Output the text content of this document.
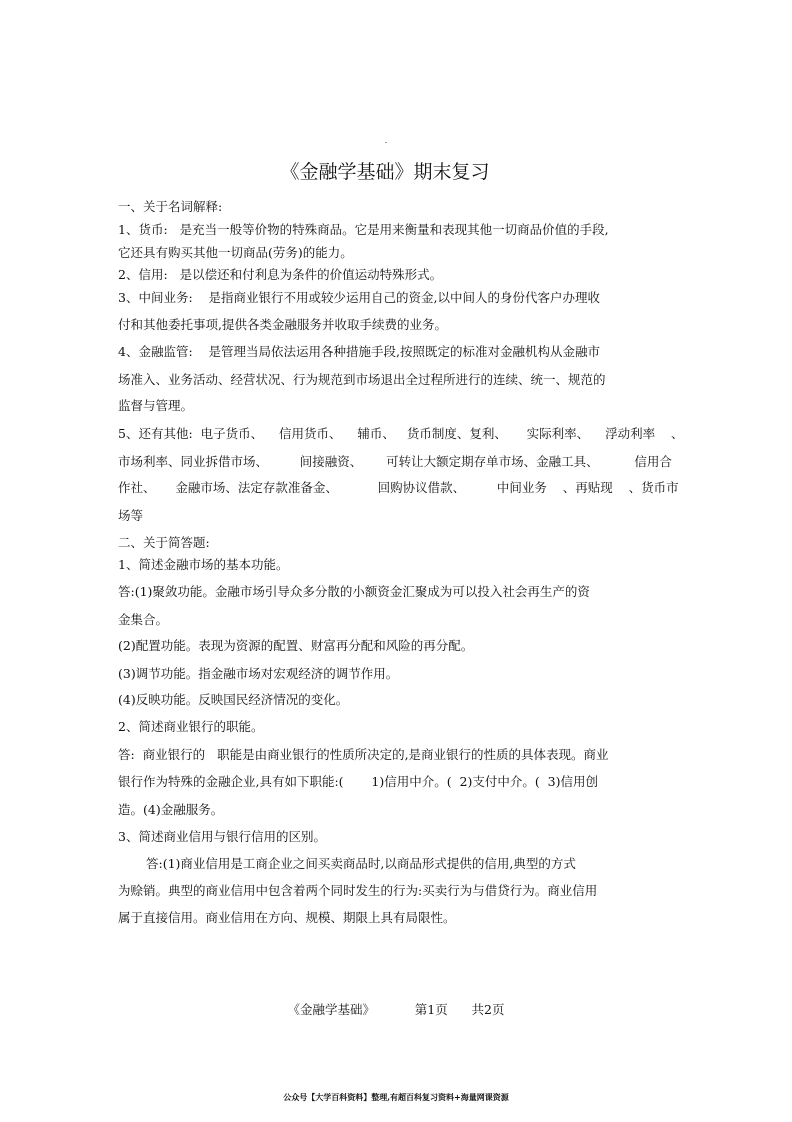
《金融学基础》期末复习
一、关于名词解释:
1、货币:   是充当一般等价物的特殊商品。它是用来衡量和表现其他一切商品价值的手段,
它还具有购买其他一切商品(劳务)的能力。
2、信用:   是以偿还和付利息为条件的价值运动特殊形式。
3、中间业务:    是指商业银行不用或较少运用自己的资金,以中间人的身份代客户办理收
付和其他委托事项,提供各类金融服务并收取手续费的业务。
4、金融监管:    是管理当局依法运用各种措施手段,按照既定的标准对金融机构从金融市
场准入、业务活动、经营状况、行为规范到市场退出全过程所进行的连续、统一、规范的
监督与管理。
5、还有其他:  电子货币、    信用货币、    辅币、   货币制度、复利、     实际利率、    浮动利率    、
市场利率、同业拆借市场、        间接融资、      可转让大额定期存单市场、金融工具、         信用合
作社、     金融市场、法定存款准备金、          回购协议借款、        中间业务    、再贴现    、货币市
场等
二、关于简答题:
1、简述金融市场的基本功能。
答:(1)聚敛功能。金融市场引导众多分散的小额资金汇聚成为可以投入社会再生产的资
金集合。
(2)配置功能。表现为资源的配置、财富再分配和风险的再分配。
(3)调节功能。指金融市场对宏观经济的调节作用。
(4)反映功能。反映国民经济情况的变化。
2、简述商业银行的职能。
答:  商业银行的   职能是由商业银行的性质所决定的,是商业银行的性质的具体表现。商业
银行作为特殊的金融企业,具有如下职能:(       1)信用中介。(  2)支付中介。(  3)信用创
造。(4)金融服务。
3、简述商业信用与银行信用的区别。
答:(1)商业信用是工商企业之间买卖商品时,以商品形式提供的信用,典型的方式
为赊销。典型的商业信用中包含着两个同时发生的行为:买卖行为与借贷行为。商业信用
属于直接信用。商业信用在方向、规模、期限上具有局限性。
《金融学基础》	第1页 共2页
公众号【大学百科资料】整理,有超百科复习资料+海量网课资源
